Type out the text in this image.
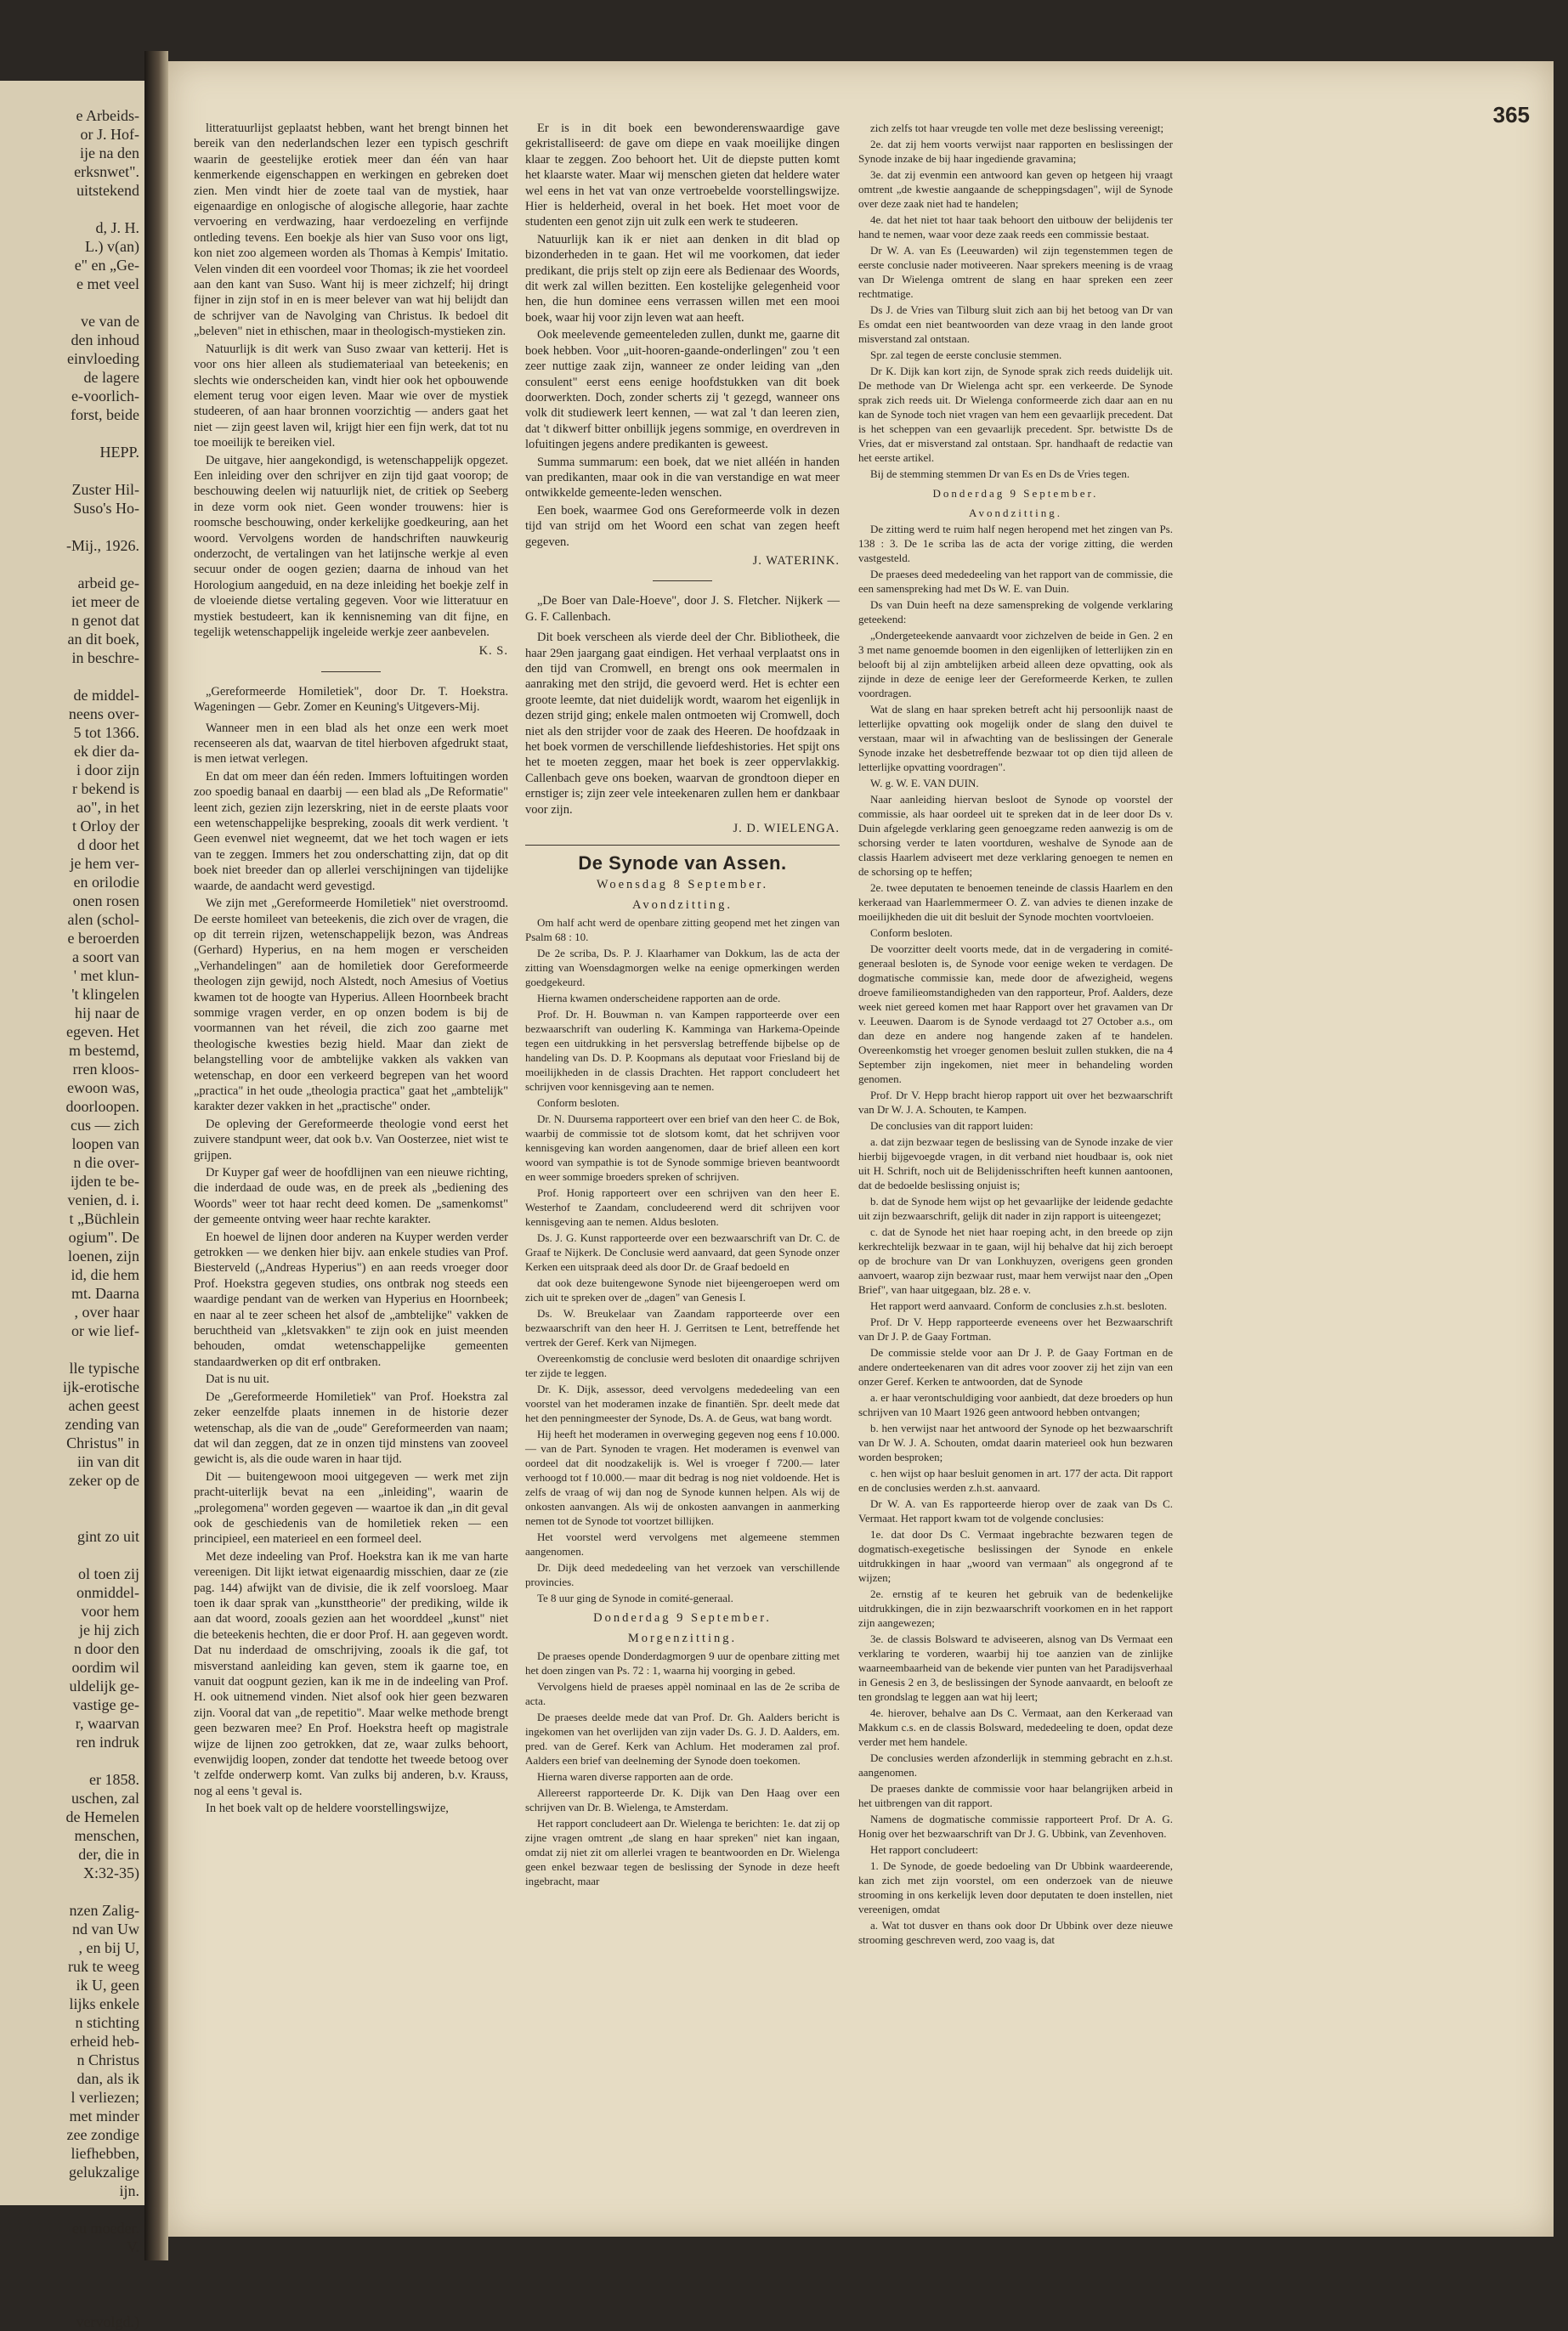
e Arbeids-
or J. Hof-
ije na den
erksnwet".
uitstekend

d, J. H.
L.) v(an)
e" en „Ge-
e met veel

ve van de
den inhoud
einvloeding
de lagere
e-voorlich-
forst, beide

HEPP.

Zuster Hil-
Suso's Ho-

-Mij., 1926.

arbeid ge-
iet meer de
n genot dat
an dit boek,
in beschre-

de middel-
neens over-
5 tot 1366.
ek dier da-
i door zijn
r bekend is
ao", in het
t Orloy der
d door het
je hem ver-
en orilodie
onen rosen
alen (schol-
e beroerden
a soort van
' met klun-
't klingelen
hij naar de
egeven. Het
m bestemd,
rren kloos-
ewoon was,
doorloopen.
cus — zich
loopen van
n die over-
ijden te be-
venien, d. i.
t „Büchlein
ogium". De
loenen, zijn
id, die hem
mt. Daarna
, over haar
or wie lief-

lle typische
ijk-erotische
achen geest
zending van
Christus" in
iin van dit
zeker op de

gint zo uit

ol toen zij
onmiddel-
voor hem
je hij zich
n door den
oordim wil
uldelijk ge-
vastige ge-
r, waarvan
ren indruk

er 1858.
uschen, zal
de Hemelen
menschen,
der, die in
X:32-35)

nzen Zalig-
nd van Uw
, en bij U,
ruk te weeg
ik U, geen
lijks enkele
n stichting
erheid heb-
n Christus
dan, als ik
l verliezen;
met minder
zee zondige
liefhebben,
gelukzalige
ijn.

eu moeder.
V.

vervolgd.)
365

litteratuurlijst geplaatst hebben, want het brengt binnen het bereik van den nederlandschen lezer een typisch geschrift waarin de geestelijke erotiek meer dan één van haar kenmerkende eigenschappen en werkingen en gebreken doet zien. Men vindt hier de zoete taal van de mystiek, haar eigenaardige en onlogische of alogische allegorie, haar zachte vervoering en verdwazing, haar verdoezeling en verfijnde ontleding tevens. Een boekje als hier van Suso voor ons ligt, kon niet zoo algemeen worden als Thomas à Kempis' Imitatio. Velen vinden dit een voordeel voor Thomas; ik zie het voordeel aan den kant van Suso. Want hij is meer zichzelf; hij dringt fijner in zijn stof in en is meer belever van wat hij belijdt dan de schrijver van de Navolging van Christus. Ik bedoel dit „beleven" niet in ethischen, maar in theologisch-mystieken zin.

Natuurlijk is dit werk van Suso zwaar van ketterij. Het is voor ons hier alleen als studiemateriaal van beteekenis; en slechts wie onderscheiden kan, vindt hier ook het opbouwende element terug voor eigen leven. Maar wie over de mystiek studeeren, of aan haar bronnen voorzichtig — anders gaat het niet — zijn geest laven wil, krijgt hier een fijn werk, dat tot nu toe moeilijk te bereiken viel.

De uitgave, hier aangekondigd, is wetenschappelijk opgezet. Een inleiding over den schrijver en zijn tijd gaat voorop; de beschouwing deelen wij natuurlijk niet, de critiek op Seeberg in deze vorm ook niet. Geen wonder trouwens: hier is roomsche beschouwing, onder kerkelijke goedkeuring, aan het woord. Vervolgens worden de handschriften nauwkeurig onderzocht, de vertalingen van het latijnsche werkje al even secuur onder de oogen gezien; daarna de inhoud van het Horologium aangeduid, en na deze inleiding het boekje zelf in de vloeiende dietse vertaling gegeven. Voor wie litteratuur en mystiek bestudeert, kan ik kennisneming van dit fijne, en tegelijk wetenschappelijk ingeleide werkje zeer aanbevelen.

K. S.
„Gereformeerde Homiletiek", door Dr. T. Hoekstra. Wageningen — Gebr. Zomer en Keuning's Uitgevers-Mij.

Wanneer men in een blad als het onze een werk moet recenseeren als dat, waarvan de titel hierboven afgedrukt staat, is men ietwat verlegen.

En dat om meer dan één reden. Immers loftuitingen worden zoo spoedig banaal en daarbij — een blad als „De Reformatie" leent zich, gezien zijn lezerskring, niet in de eerste plaats voor een wetenschappelijke bespreking, zooals dit werk verdient. 't Geen evenwel niet wegneemt, dat we het toch wagen er iets van te zeggen. Immers het zou onderschatting zijn, dat op dit boek niet breeder dan op allerlei verschijningen van tijdelijke waarde, de aandacht werd gevestigd.

We zijn met „Gereformeerde Homiletiek" niet overstroomd. De eerste homileet van beteekenis, die zich over de vragen, die op dit terrein rijzen, wetenschappelijk bezon, was Andreas (Gerhard) Hyperius, en na hem mogen er verscheiden „Verhandelingen" aan de homiletiek door Gereformeerde theologen zijn gewijd, noch Alstedt, noch Amesius of Voetius kwamen tot de hoogte van Hyperius. Alleen Hoornbeek bracht sommige vragen verder, en op onzen bodem is bij de voormannen van het réveil, die zich zoo gaarne met theologische kwesties bezig hield. Maar dan ziekt de belangstelling voor de ambtelijke vakken als vakken van wetenschap, en door een verkeerd begrepen van het woord „practica" in het oude „theologia practica" gaat het „ambtelijk" karakter dezer vakken in het „practische" onder.

De opleving der Gereformeerde theologie vond eerst het zuivere standpunt weer, dat ook b.v. Van Oosterzee, niet wist te grijpen.

Dr Kuyper gaf weer de hoofdlijnen van een nieuwe richting, die inderdaad de oude was, en de preek als „bediening des Woords" weer tot haar recht deed komen. De „samenkomst" der gemeente ontving weer haar rechte karakter.

En hoewel de lijnen door anderen na Kuyper werden verder getrokken — we denken hier bijv. aan enkele studies van Prof. Biesterveld („Andreas Hyperius") en aan reeds vroeger door Prof. Hoekstra gegeven studies, ons ontbrak nog steeds een waardige pendant van de werken van Hyperius en Hoornbeek; en naar al te zeer scheen het alsof de „ambtelijke" vakken de beruchtheid van „kletsvakken" te zijn ook en juist meenden behouden, omdat wetenschappelijke gemeenten standaardwerken op dit erf ontbraken.

Dat is nu uit.

De „Gereformeerde Homiletiek" van Prof. Hoekstra zal zeker eenzelfde plaats innemen in de historie dezer wetenschap, als die van de „oude" Gereformeerden van naam; dat wil dan zeggen, dat ze in onzen tijd minstens van zooveel gewicht is, als die oude waren in haar tijd.

Dit — buitengewoon mooi uitgegeven — werk met zijn pracht-uiterlijk bevat na een „inleiding", waarin de „prolegomena" worden gegeven — waartoe ik dan „in dit geval ook de geschiedenis van de homiletiek reken — een principieel, een materieel en een formeel deel.

Met deze indeeling van Prof. Hoekstra kan ik me van harte vereenigen. Dit lijkt ietwat eigenaardig misschien, daar ze (zie pag. 144) afwijkt van de divisie, die ik zelf voorsloeg. Maar toen ik daar sprak van „kunsttheorie" der prediking, wilde ik aan dat woord, zooals gezien aan het woorddeel „kunst" niet die beteekenis hechten, die er door Prof. H. aan gegeven wordt. Dat nu inderdaad de omschrijving, zooals ik die gaf, tot misverstand aanleiding kan geven, stem ik gaarne toe, en vanuit dat oogpunt gezien, kan ik me in de indeeling van Prof. H. ook uitnemend vinden. Niet alsof ook hier geen bezwaren zijn. Vooral dat van „de repetitio". Maar welke methode brengt geen bezwaren mee? En Prof. Hoekstra heeft op magistrale wijze de lijnen zoo getrokken, dat ze, waar zulks behoort, evenwijdig loopen, zonder dat tendotte het tweede betoog over 't zelfde onderwerp komt. Van zulks bij anderen, b.v. Krauss, nog al eens 't geval is.

In het boek valt op de heldere voorstellingswijze,

Er is in dit boek een bewonderenswaardige gave gekristalliseerd: de gave om diepe en vaak moeilijke dingen klaar te zeggen. Zoo behoort het. Uit de diepste putten komt het klaarste water. Maar wij menschen gieten dat heldere water wel eens in het vat van onze vertroebelde voorstellingswijze. Hier is helderheid, overal in het boek. Het moet voor de studenten een genot zijn uit zulk een werk te studeeren.

Natuurlijk kan ik er niet aan denken in dit blad op bizonderheden in te gaan. Het wil me voorkomen, dat ieder predikant, die prijs stelt op zijn eere als Bedienaar des Woords, dit werk zal willen bezitten. Een kostelijke gelegenheid voor hen, die hun dominee eens verrassen willen met een mooi boek, waar hij voor zijn leven wat aan heeft.

Ook meelevende gemeenteleden zullen, dunkt me, gaarne dit boek hebben. Voor „uit-hooren-gaande-onderlingen" zou 't een zeer nuttige zaak zijn, wanneer ze onder leiding van „den consulent" eerst eens eenige hoofdstukken van dit boek doorwerkten. Doch, zonder scherts zij 't gezegd, wanneer ons volk dit studiewerk leert kennen, — wat zal 't dan leeren zien, dat 't dikwerf bitter onbillijk jegens sommige, en overdreven in lofuitingen jegens andere predikanten is geweest.

Summa summarum: een boek, dat we niet alléén in handen van predikanten, maar ook in die van verstandige en wat meer ontwikkelde gemeente-leden wenschen.

Een boek, waarmee God ons Gereformeerde volk in dezen tijd van strijd om het Woord een schat van zegen heeft gegeven.

J. WATERINK.
„De Boer van Dale-Hoeve", door J. S. Fletcher. Nijkerk — G. F. Callenbach.

Dit boek verscheen als vierde deel der Chr. Bibliotheek, die haar 29en jaargang gaat eindigen. Het verhaal verplaatst ons in den tijd van Cromwell, en brengt ons ook meermalen in aanraking met den strijd, die gevoerd werd. Het is echter een groote leemte, dat niet duidelijk wordt, waarom het eigenlijk in dezen strijd ging; enkele malen ontmoeten wij Cromwell, doch niet als den strijder voor de zaak des Heeren. De hoofdzaak in het boek vormen de verschillende liefdeshistories. Het spijt ons het te moeten zeggen, maar het boek is zeer oppervlakkig. Callenbach geve ons boeken, waarvan de grondtoon dieper en ernstiger is; zijn zeer vele inteekenaren zullen hem er dankbaar voor zijn.

J. D. WIELENGA.
De Synode van Assen.
Woensdag 8 September.
Avondzitting.

Om half acht werd de openbare zitting geopend met het zingen van Psalm 68 : 10.

De 2e scriba, Ds. P. J. Klaarhamer van Dokkum, las de acta der zitting van Woensdagmorgen welke na eenige opmerkingen werden goedgekeurd.

Hierna kwamen onderscheidene rapporten aan de orde.

Prof. Dr. H. Bouwman n. van Kampen rapporteerde over een bezwaarschrift van ouderling K. Kamminga van Harkema-Opeinde tegen een uitdrukking in het persverslag betreffende bijbelse op de handeling van Ds. D. P. Koopmans als deputaat voor Friesland bij de moeilijkheden in de classis Drachten. Het rapport concludeert het schrijven voor kennisgeving aan te nemen.

Conform besloten.

Dr. N. Duursema rapporteert over een brief van den heer C. de Bok, waarbij de commissie tot de slotsom komt, dat het schrijven voor kennisgeving kan worden aangenomen, daar de brief alleen een kort woord van sympathie is tot de Synode sommige brieven beantwoordt en weer sommige broeders spreken of schrijven.

Prof. Honig rapporteert over een schrijven van den heer E. Westerhof te Zaandam, concludeerend werd dit schrijven voor kennisgeving aan te nemen. Aldus besloten.

Ds. J. G. Kunst rapporteerde over een bezwaarschrift van Dr. C. de Graaf te Nijkerk. De Conclusie werd aanvaard, dat geen Synode onzer Kerken een uitspraak deed als door Dr. de Graaf bedoeld en

dat ook deze buitengewone Synode niet bijeengeroepen werd om zich uit te spreken over de „dagen" van Genesis I.

Ds. W. Breukelaar van Zaandam rapporteerde over een bezwaarschrift van den heer H. J. Gerritsen te Lent, betreffende het vertrek der Geref. Kerk van Nijmegen.

Overeenkomstig de conclusie werd besloten dit onaardige schrijven ter zijde te leggen.

Dr. K. Dijk, assessor, deed vervolgens mededeeling van een voorstel van het moderamen inzake de finantiën. Spr. deelt mede dat het den penningmeester der Synode, Ds. A. de Geus, wat bang wordt.

Hij heeft het moderamen in overweging gegeven nog eens f 10.000.— van de Part. Synoden te vragen. Het moderamen is evenwel van oordeel dat dit noodzakelijk is. Wel is vroeger f 7200.— later verhoogd tot f 10.000.— maar dit bedrag is nog niet voldoende. Het is zelfs de vraag of wij dan nog de Synode kunnen helpen. Als wij de onkosten aanvangen. Als wij de onkosten aanvangen in aanmerking nemen tot de Synode tot voortzet billijken.

Het voorstel werd vervolgens met algemeene stemmen aangenomen.

Dr. Dijk deed mededeeling van het verzoek van verschillende provincies.

Te 8 uur ging de Synode in comité-generaal.

Donderdag 9 September.
Morgenzitting.

De praeses opende Donderdagmorgen 9 uur de openbare zitting met het doen zingen van Ps. 72 : 1, waarna hij voorging in gebed.

Vervolgens hield de praeses appèl nominaal en las de 2e scriba de acta.

De praeses deelde mede dat van Prof. Dr. Gh. Aalders bericht is ingekomen van het overlijden van zijn vader Ds. G. J. D. Aalders, em. pred. van de Geref. Kerk van Achlum. Het moderamen zal prof. Aalders een brief van deelneming der Synode doen toekomen.

Hierna waren diverse rapporten aan de orde.

Allereerst rapporteerde Dr. K. Dijk van Den Haag over een schrijven van Dr. B. Wielenga, te Amsterdam.

Het rapport concludeert aan Dr. Wielenga te berichten: 1e. dat zij op zijne vragen omtrent „de slang en haar spreken" niet kan ingaan, omdat zij niet zit om allerlei vragen te beantwoorden en Dr. Wielenga geen enkel bezwaar tegen de beslissing der Synode in deze heeft ingebracht, maar

zich zelfs tot haar vreugde ten volle met deze beslissing vereenigt;

2e. dat zij hem voorts verwijst naar rapporten en beslissingen der Synode inzake de bij haar ingediende gravamina;

3e. dat zij evenmin een antwoord kan geven op hetgeen hij vraagt omtrent „de kwestie aangaande de scheppingsdagen", wijl de Synode over deze zaak niet had te handelen;

4e. dat het niet tot haar taak behoort den uitbouw der belijdenis ter hand te nemen, waar voor deze zaak reeds een commissie bestaat.

Dr W. A. van Es (Leeuwarden) wil zijn tegenstemmen tegen de eerste conclusie nader motiveeren. Naar sprekers meening is de vraag van Dr Wielenga omtrent de slang en haar spreken een zeer rechtmatige.

Ds J. de Vries van Tilburg sluit zich aan bij het betoog van Dr van Es omdat een niet beantwoorden van deze vraag in den lande groot misverstand zal ontstaan.

Spr. zal tegen de eerste conclusie stemmen.

Dr K. Dijk kan kort zijn, de Synode sprak zich reeds duidelijk uit. De methode van Dr Wielenga acht spr. een verkeerde. De Synode sprak zich reeds uit. Dr Wielenga conformeerde zich daar aan en nu kan de Synode toch niet vragen van hem een gevaarlijk precedent. Dat is het scheppen van een gevaarlijk precedent. Spr. betwistte Ds de Vries, dat er misverstand zal ontstaan. Spr. handhaaft de redactie van het eerste artikel.

Bij de stemming stemmen Dr van Es en Ds de Vries tegen.

Donderdag 9 September.
Avondzitting.

De zitting werd te ruim half negen heropend met het zingen van Ps. 138 : 3. De 1e scriba las de acta der vorige zitting, die werden vastgesteld.

De praeses deed mededeeling van het rapport van de commissie, die een samenspreking had met Ds W. E. van Duin.

Ds van Duin heeft na deze samenspreking de volgende verklaring geteekend:

„Ondergeteekende aanvaardt voor zichzelven de beide in Gen. 2 en 3 met name genoemde boomen in den eigenlijken of letterlijken zin en belooft bij al zijn ambtelijken arbeid alleen deze opvatting, ook als zijnde in deze de eenige leer der Gereformeerde Kerken, te zullen voordragen.

Wat de slang en haar spreken betreft acht hij persoonlijk naast de letterlijke opvatting ook mogelijk onder de slang den duivel te verstaan, maar wil in afwachting van de beslissingen der Generale Synode inzake het desbetreffende bezwaar tot op dien tijd alleen de letterlijke opvatting voordragen".

W. g. W. E. VAN DUIN.

Naar aanleiding hiervan besloot de Synode op voorstel der commissie, als haar oordeel uit te spreken dat in de leer door Ds v. Duin afgelegde verklaring geen genoegzame reden aanwezig is om de schorsing verder te laten voortduren, weshalve de Synode aan de classis Haarlem adviseert met deze verklaring genoegen te nemen en de schorsing op te heffen;

2e. twee deputaten te benoemen teneinde de classis Haarlem en den kerkeraad van Haarlemmermeer O. Z. van advies te dienen inzake de moeilijkheden die uit dit besluit der Synode mochten voortvloeien.

Conform besloten.

De voorzitter deelt voorts mede, dat in de vergadering in comité-generaal besloten is, de Synode voor eenige weken te verdagen. De dogmatische commissie kan, mede door de afwezigheid, wegens droeve familieomstandigheden van den rapporteur, Prof. Aalders, deze week niet gereed komen met haar Rapport over het gravamen van Dr v. Leeuwen. Daarom is de Synode verdaagd tot 27 October a.s., om dan deze en andere nog hangende zaken af te handelen. Overeenkomstig het vroeger genomen besluit zullen stukken, die na 4 September zijn ingekomen, niet meer in behandeling worden genomen.

Prof. Dr V. Hepp bracht hierop rapport uit over het bezwaarschrift van Dr W. J. A. Schouten, te Kampen.

De conclusies van dit rapport luiden:

a. dat zijn bezwaar tegen de beslissing van de Synode inzake de vier hierbij bijgevoegde vragen, in dit verband niet houdbaar is, ook niet uit H. Schrift, noch uit de Belijdenisschriften heeft kunnen aantoonen, dat de bedoelde beslissing onjuist is;

b. dat de Synode hem wijst op het gevaarlijke der leidende gedachte uit zijn bezwaarschrift, gelijk dit nader in zijn rapport is uiteengezet;

c. dat de Synode het niet haar roeping acht, in den breede op zijn kerkrechtelijk bezwaar in te gaan, wijl hij behalve dat hij zich beroept op de brochure van Dr van Lonkhuyzen, overigens geen gronden aanvoert, waarop zijn bezwaar rust, maar hem verwijst naar den „Open Brief", van haar uitgegaan, blz. 28 e. v.

Het rapport werd aanvaard. Conform de conclusies z.h.st. besloten.

Prof. Dr V. Hepp rapporteerde eveneens over het Bezwaarschrift van Dr J. P. de Gaay Fortman.

De commissie stelde voor aan Dr J. P. de Gaay Fortman en de andere onderteekenaren van dit adres voor zoover zij het zijn van een onzer Geref. Kerken te antwoorden, dat de Synode

a. er haar verontschuldiging voor aanbiedt, dat deze broeders op hun schrijven van 10 Maart 1926 geen antwoord hebben ontvangen;

b. hen verwijst naar het antwoord der Synode op het bezwaarschrift van Dr W. J. A. Schouten, omdat daarin materieel ook hun bezwaren worden besproken;

c. hen wijst op haar besluit genomen in art. 177 der acta. Dit rapport en de conclusies werden z.h.st. aanvaard.

Dr W. A. van Es rapporteerde hierop over de zaak van Ds C. Vermaat. Het rapport kwam tot de volgende conclusies:

1e. dat door Ds C. Vermaat ingebrachte bezwaren tegen de dogmatisch-exegetische beslissingen der Synode en enkele uitdrukkingen in haar „woord van vermaan" als ongegrond af te wijzen;

2e. ernstig af te keuren het gebruik van de bedenkelijke uitdrukkingen, die in zijn bezwaarschrift voorkomen en in het rapport zijn aangewezen;

3e. de classis Bolsward te adviseeren, alsnog van Ds Vermaat een verklaring te vorderen, waarbij hij toe aanzien van de zinlijke waarneembaarheid van de bekende vier punten van het Paradijsverhaal in Genesis 2 en 3, de beslissingen der Synode aanvaardt, en belooft ze ten grondslag te leggen aan wat hij leert;

4e. hierover, behalve aan Ds C. Vermaat, aan den Kerkeraad van Makkum c.s. en de classis Bolsward, mededeeling te doen, opdat deze verder met hem handele.

De conclusies werden afzonderlijk in stemming gebracht en z.h.st. aangenomen.

De praeses dankte de commissie voor haar belangrijken arbeid in het uitbrengen van dit rapport.

Namens de dogmatische commissie rapporteert Prof. Dr A. G. Honig over het bezwaarschrift van Dr J. G. Ubbink, van Zevenhoven.

Het rapport concludeert:

1. De Synode, de goede bedoeling van Dr Ubbink waardeerende, kan zich met zijn voorstel, om een onderzoek van de nieuwe strooming in ons kerkelijk leven door deputaten te doen instellen, niet vereenigen, omdat

a. Wat tot dusver en thans ook door Dr Ubbink over deze nieuwe strooming geschreven werd, zoo vaag is, dat
